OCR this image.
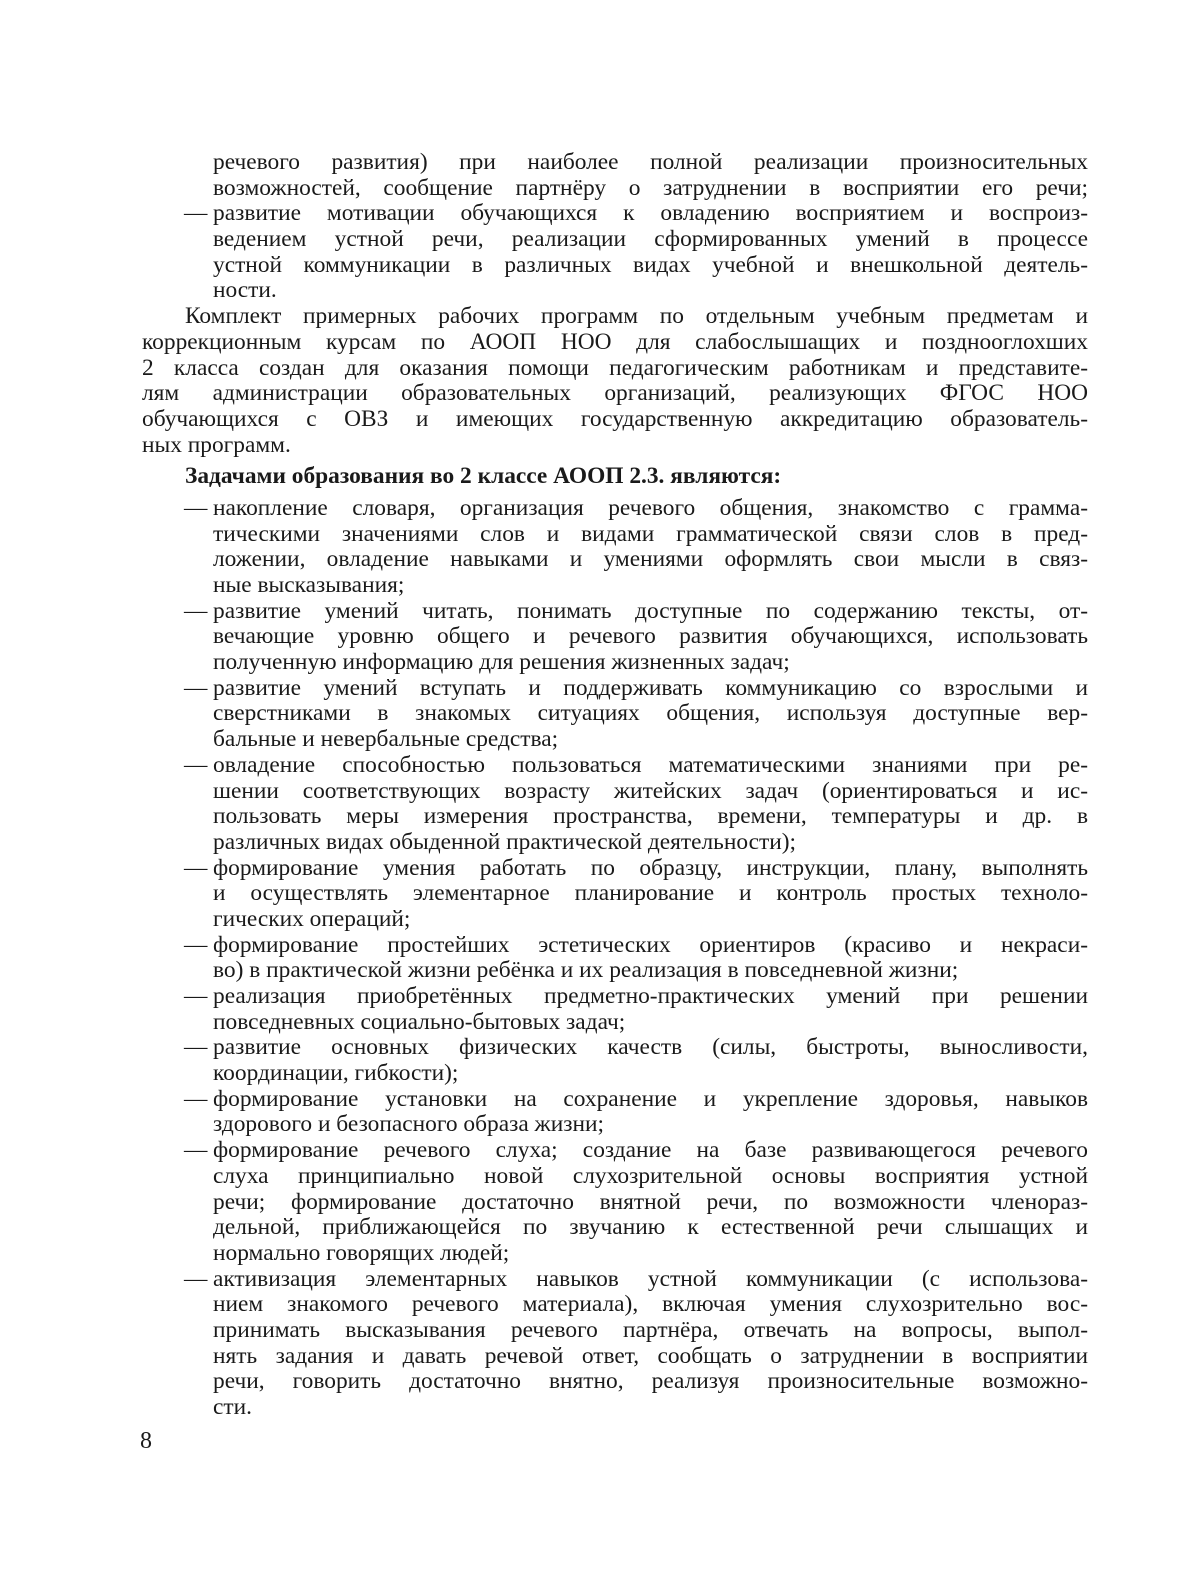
речевого развития) при наиболее полной реализации произносительных
возможностей, сообщение партнёру о затруднении в восприятии его речи;
— развитие мотивации обучающихся к овладению восприятием и воспроиз-
ведением устной речи, реализации сформированных умений в процессе
устной коммуникации в различных видах учебной и внешкольной деятель-
ности.
Комплект примерных рабочих программ по отдельным учебным предметам и
коррекционным курсам по АООП НОО для слабослышащих и позднооглохших
2 класса создан для оказания помощи педагогическим работникам и представите-
лям администрации образовательных организаций, реализующих ФГОС НОО
обучающихся с ОВЗ и имеющих государственную аккредитацию образователь-
ных программ.
Задачами образования во 2 классе АООП 2.3. являются:
— накопление словаря, организация речевого общения, знакомство с грамма-
тическими значениями слов и видами грамматической связи слов в пред-
ложении, овладение навыками и умениями оформлять свои мысли в связ-
ные высказывания;
— развитие умений читать, понимать доступные по содержанию тексты, от-
вечающие уровню общего и речевого развития обучающихся, использовать
полученную информацию для решения жизненных задач;
— развитие умений вступать и поддерживать коммуникацию со взрослыми и
сверстниками в знакомых ситуациях общения, используя доступные вер-
бальные и невербальные средства;
— овладение способностью пользоваться математическими знаниями при ре-
шении соответствующих возрасту житейских задач (ориентироваться и ис-
пользовать меры измерения пространства, времени, температуры и др. в
различных видах обыденной практической деятельности);
— формирование умения работать по образцу, инструкции, плану, выполнять
и осуществлять элементарное планирование и контроль простых техноло-
гических операций;
— формирование простейших эстетических ориентиров (красиво и некраси-
во) в практической жизни ребёнка и их реализация в повседневной жизни;
— реализация приобретённых предметно-практических умений при решении
повседневных социально-бытовых задач;
— развитие основных физических качеств (силы, быстроты, выносливости,
координации, гибкости);
— формирование установки на сохранение и укрепление здоровья, навыков
здорового и безопасного образа жизни;
— формирование речевого слуха; создание на базе развивающегося речевого
слуха принципиально новой слухозрительной основы восприятия устной
речи; формирование достаточно внятной речи, по возможности членораз-
дельной, приближающейся по звучанию к естественной речи слышащих и
нормально говорящих людей;
— активизация элементарных навыков устной коммуникации (с использова-
нием знакомого речевого материала), включая умения слухозрительно вос-
принимать высказывания речевого партнёра, отвечать на вопросы, выпол-
нять задания и давать речевой ответ, сообщать о затруднении в восприятии
речи, говорить достаточно внятно, реализуя произносительные возможно-
сти.
8
